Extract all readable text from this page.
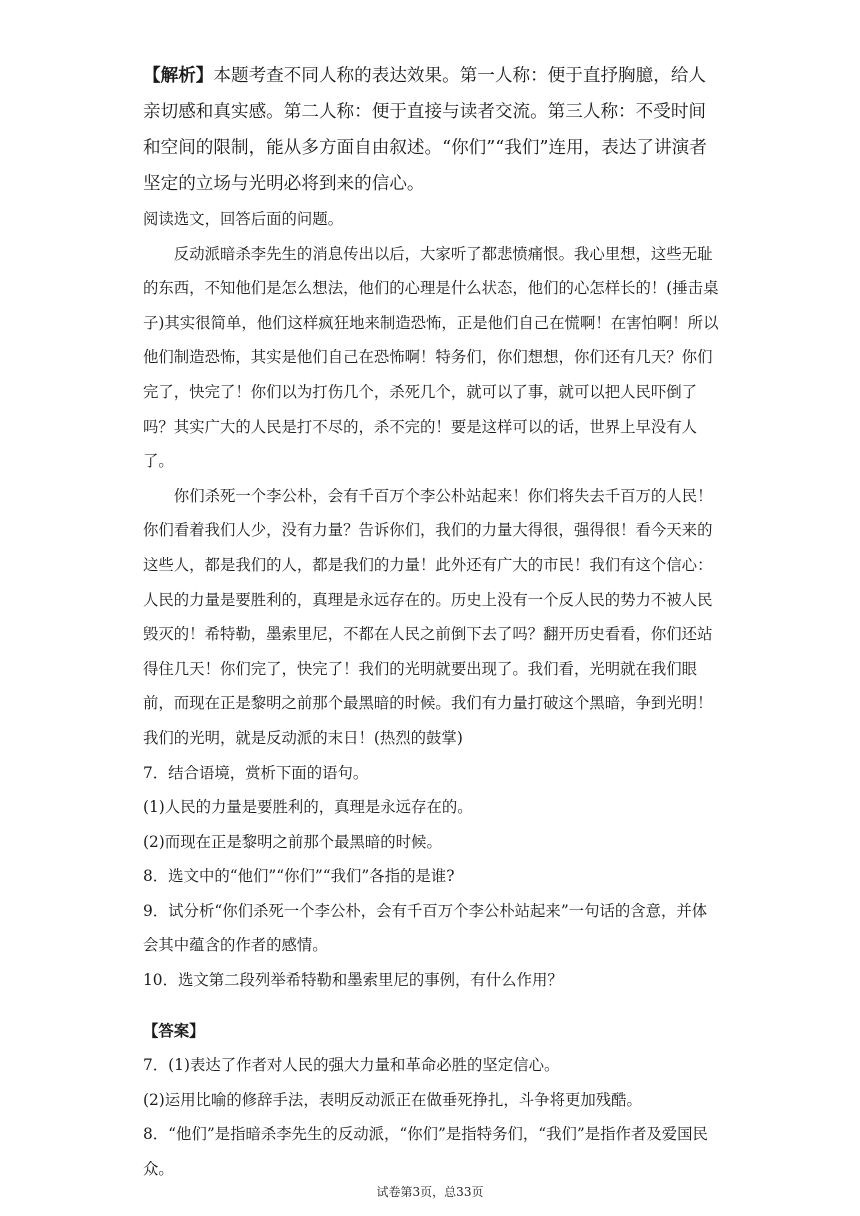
【解析】本题考查不同人称的表达效果。第一人称：便于直抒胸臆，给人亲切感和真实感。第二人称：便于直接与读者交流。第三人称：不受时间和空间的限制，能从多方面自由叙述。“你们”“我们”连用，表达了讲演者坚定的立场与光明必将到来的信心。

阅读选文，回答后面的问题。

反动派暗杀李先生的消息传出以后，大家听了都悲愤痛恨。我心里想，这些无耻的东西，不知他们是怎么想法，他们的心理是什么状态，他们的心怎样长的！(捶击桌子)其实很简单，他们这样疯狂地来制造恐怖，正是他们自己在慌啊！在害怕啊！所以他们制造恐怖，其实是他们自己在恐怖啊！特务们，你们想想，你们还有几天？你们完了，快完了！你们以为打伤几个，杀死几个，就可以了事，就可以把人民吓倒了吗？其实广大的人民是打不尽的，杀不完的！要是这样可以的话，世界上早没有人了。

你们杀死一个李公朴，会有千百万个李公朴站起来！你们将失去千百万的人民！你们看着我们人少，没有力量？告诉你们，我们的力量大得很，强得很！看今天来的这些人，都是我们的人，都是我们的力量！此外还有广大的市民！我们有这个信心：人民的力量是要胜利的，真理是永远存在的。历史上没有一个反人民的势力不被人民毁灭的！希特勒，墨索里尼，不都在人民之前倒下去了吗？翻开历史看看，你们还站得住几天！你们完了，快完了！我们的光明就要出现了。我们看，光明就在我们眼前，而现在正是黎明之前那个最黑暗的时候。我们有力量打破这个黑暗，争到光明！我们的光明，就是反动派的末日！(热烈的鼓掌)

7．结合语境，赏析下面的语句。

(1)人民的力量是要胜利的，真理是永远存在的。

(2)而现在正是黎明之前那个最黑暗的时候。

8．选文中的“他们”“你们”“我们”各指的是谁?

9．试分析“你们杀死一个李公朴，会有千百万个李公朴站起来”一句话的含意，并体会其中蕴含的作者的感情。

10．选文第二段列举希特勒和墨索里尼的事例，有什么作用？

【答案】

7．(1)表达了作者对人民的强大力量和革命必胜的坚定信心。

(2)运用比喻的修辞手法，表明反动派正在做垂死挣扎，斗争将更加残酷。

8．“他们”是指暗杀李先生的反动派，“你们”是指特务们，“我们”是指作者及爱国民众。

试卷第3页，总33页
